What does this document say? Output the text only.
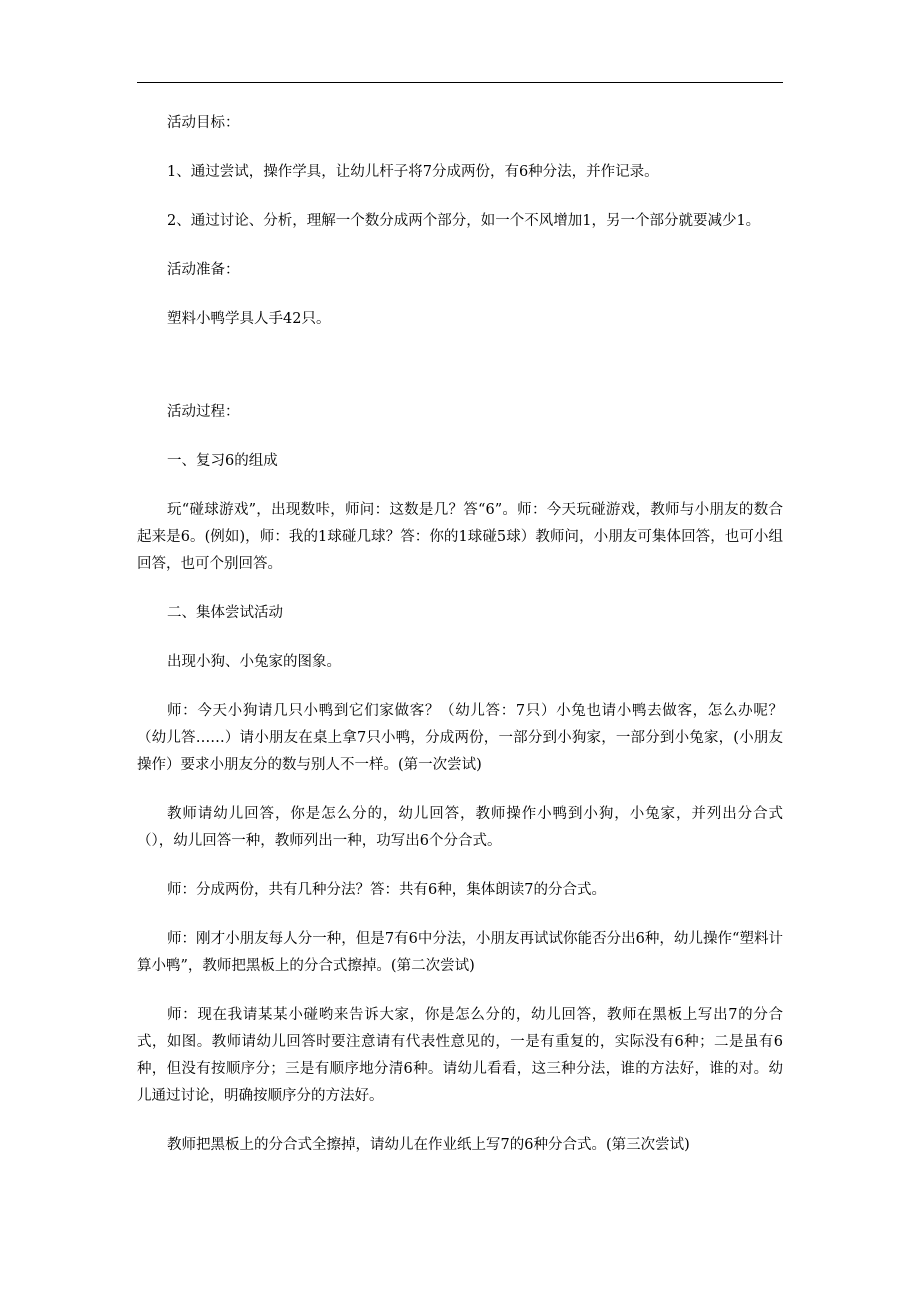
活动目标：

1、通过尝试，操作学具，让幼儿杆子将7分成两份，有6种分法，并作记录。

2、通过讨论、分析，理解一个数分成两个部分，如一个不风增加1，另一个部分就要减少1。

活动准备：

塑料小鸭学具人手42只。

活动过程：

一、复习6的组成

玩“碰球游戏”，出现数咔，师问：这数是几？答“6”。师：今天玩碰游戏，教师与小朋友的数合起来是6。(例如)，师：我的1球碰几球？答：你的1球碰5球）教师问，小朋友可集体回答，也可小组回答，也可个别回答。

二、集体尝试活动

出现小狗、小兔家的图象。

师：今天小狗请几只小鸭到它们家做客？（幼儿答：7只）小兔也请小鸭去做客，怎么办呢？（幼儿答……）请小朋友在桌上拿7只小鸭，分成两份，一部分到小狗家，一部分到小兔家，(小朋友操作）要求小朋友分的数与别人不一样。(第一次尝试)

教师请幼儿回答，你是怎么分的，幼儿回答，教师操作小鸭到小狗，小兔家，并列出分合式（），幼儿回答一种，教师列出一种，功写出6个分合式。

师：分成两份，共有几种分法？答：共有6种，集体朗读7的分合式。

师：刚才小朋友每人分一种，但是7有6中分法，小朋友再试试你能否分出6种，幼儿操作“塑料计算小鸭”，教师把黑板上的分合式擦掉。(第二次尝试)

师：现在我请某某小碰哟来告诉大家，你是怎么分的，幼儿回答，教师在黑板上写出7的分合式，如图。教师请幼儿回答时要注意请有代表性意见的，一是有重复的，实际没有6种；二是虽有6种，但没有按顺序分；三是有顺序地分清6种。请幼儿看看，这三种分法，谁的方法好，谁的对。幼儿通过讨论，明确按顺序分的方法好。

教师把黑板上的分合式全擦掉，请幼儿在作业纸上写7的6种分合式。(第三次尝试)
